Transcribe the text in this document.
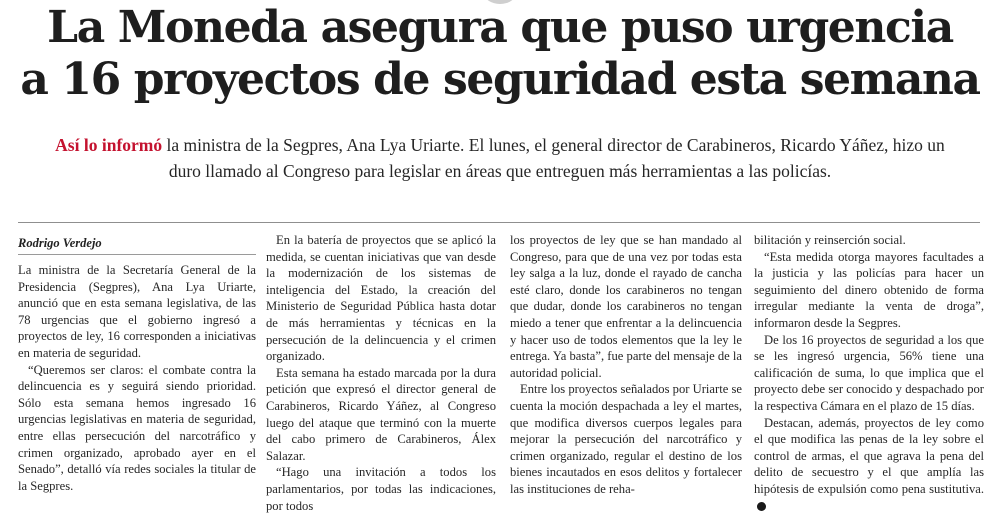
La Moneda asegura que puso urgencia
a 16 proyectos de seguridad esta semana

Así lo informó la ministra de la Segpres, Ana Lya Uriarte. El lunes, el general director de Carabineros, Ricardo Yáñez, hizo un duro llamado al Congreso para legislar en áreas que entreguen más herramientas a las policías.

Rodrigo Verdejo

La ministra de la Secretaría General de la Presidencia (Segpres), Ana Lya Uriarte, anunció que en esta semana legislativa, de las 78 urgencias que el gobierno ingresó a proyectos de ley, 16 corresponden a iniciativas en materia de seguridad.

“Queremos ser claros: el combate contra la delincuencia es y seguirá siendo prioridad. Sólo esta semana hemos ingresado 16 urgencias legislativas en materia de seguridad, entre ellas persecución del narcotráfico y crimen organizado, aprobado ayer en el Senado”, detalló vía redes sociales la titular de la Segpres.

En la batería de proyectos que se aplicó la medida, se cuentan iniciativas que van desde la modernización de los sistemas de inteligencia del Estado, la creación del Ministerio de Seguridad Pública hasta dotar de más herramientas y técnicas en la persecución de la delincuencia y el crimen organizado.

Esta semana ha estado marcada por la dura petición que expresó el director general de Carabineros, Ricardo Yáñez, al Congreso luego del ataque que terminó con la muerte del cabo primero de Carabineros, Álex Salazar.

“Hago una invitación a todos los parlamentarios, por todas las indicaciones, por todos

los proyectos de ley que se han mandado al Congreso, para que de una vez por todas esta ley salga a la luz, donde el rayado de cancha esté claro, donde los carabineros no tengan que dudar, donde los carabineros no tengan miedo a tener que enfrentar a la delincuencia y hacer uso de todos elementos que la ley le entrega. Ya basta”, fue parte del mensaje de la autoridad policial.

Entre los proyectos señalados por Uriarte se cuenta la moción despachada a ley el martes, que modifica diversos cuerpos legales para mejorar la persecución del narcotráfico y crimen organizado, regular el destino de los bienes incautados en esos delitos y fortalecer las instituciones de reha-

bilitación y reinserción social.

“Esta medida otorga mayores facultades a la justicia y las policías para hacer un seguimiento del dinero obtenido de forma irregular mediante la venta de droga”, informaron desde la Segpres.

De los 16 proyectos de seguridad a los que se les ingresó urgencia, 56% tiene una calificación de suma, lo que implica que el proyecto debe ser conocido y despachado por la respectiva Cámara en el plazo de 15 días.

Destacan, además, proyectos de ley como el que modifica las penas de la ley sobre el control de armas, el que agrava la pena del delito de secuestro y el que amplía las hipótesis de expulsión como pena sustitutiva.
